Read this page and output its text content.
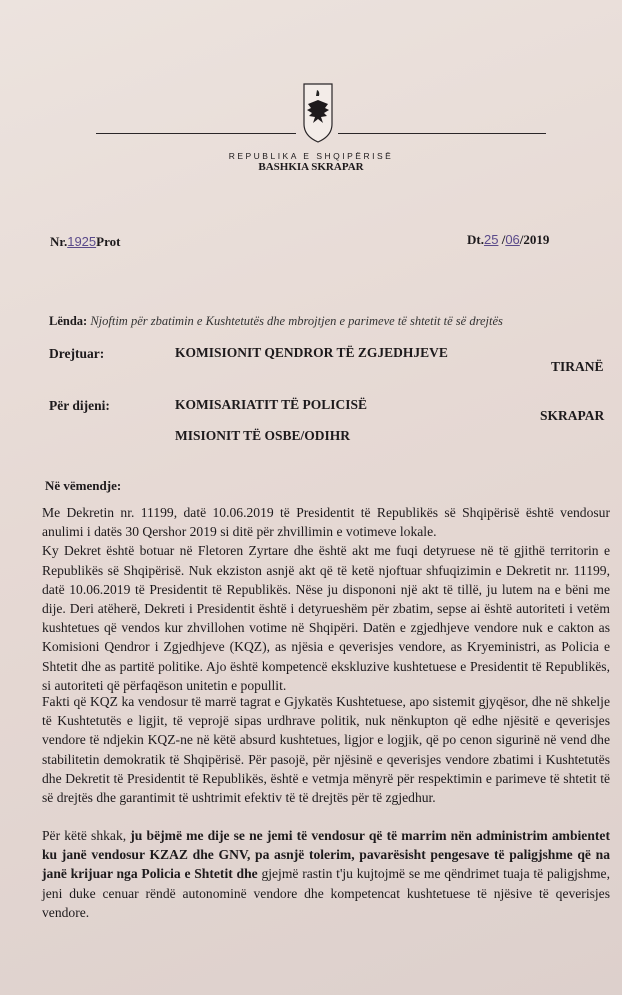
REPUBLIKA E SHQIPËRISË
BASHKIA SKRAPAR
Nr.1925Prot	Dt.25 /06/2019
Lënda: Njoftim për zbatimin e Kushtetutës dhe mbrojtjen e parimeve të shtetit të së drejtës
Drejtuar:	KOMISIONIT QENDROR TË ZGJEDHJEVE
TIRANË
Për dijeni:	KOMISARIATIT TË POLICISË
SKRAPAR
MISIONIT TË OSBE/ODIHR
Në vëmendje:
Me Dekretin nr. 11199, datë 10.06.2019 të Presidentit të Republikës së Shqipërisë është vendosur anulimi i datës 30 Qershor 2019 si ditë për zhvillimin e votimeve lokale.
Ky Dekret është botuar në Fletoren Zyrtare dhe është akt me fuqi detyruese në të gjithë territorin e Republikës së Shqipërisë. Nuk ekziston asnjë akt që të ketë njoftuar shfuqizimin e Dekretit nr. 11199, datë 10.06.2019 të Presidentit të Republikës. Nëse ju dispononi një akt të tillë, ju lutem na e bëni me dije. Deri atëherë, Dekreti i Presidentit është i detyrueshëm për zbatim, sepse ai është autoriteti i vetëm kushtetues që vendos kur zhvillohen votime në Shqipëri. Datën e zgjedhjeve vendore nuk e cakton as Komisioni Qendror i Zgjedhjeve (KQZ), as njësia e qeverisjes vendore, as Kryeministri, as Policia e Shtetit dhe as partitë politike. Ajo është kompetencë ekskluzive kushtetuese e Presidentit të Republikës, si autoriteti që përfaqëson unitetin e popullit.
Fakti që KQZ ka vendosur të marrë tagrat e Gjykatës Kushtetuese, apo sistemit gjyqësor, dhe në shkelje të Kushtetutës e ligjit, të veprojë sipas urdhrave politik, nuk nënkupton që edhe njësitë e qeverisjes vendore të ndjekin KQZ-ne në këtë absurd kushtetues, ligjor e logjik, që po cenon sigurinë në vend dhe stabilitetin demokratik të Shqipërisë. Për pasojë, për njësinë e qeverisjes vendore zbatimi i Kushtetutës dhe Dekretit të Presidentit të Republikës, është e vetmja mënyrë për respektimin e parimeve të shtetit të së drejtës dhe garantimit të ushtrimit efektiv të të drejtës për të zgjedhur.
Për këtë shkak, ju bëjmë me dije se ne jemi të vendosur që të marrim nën administrim ambientet ku janë vendosur KZAZ dhe GNV, pa asnjë tolerim, pavarësisht pengesave të paligjshme që na janë krijuar nga Policia e Shtetit dhe gjejmë rastin t'ju kujtojmë se me qëndrimet tuaja të paligjshme, jeni duke cenuar rëndë autonominë vendore dhe kompetencat kushtetuese të njësive të qeverisjes vendore.
